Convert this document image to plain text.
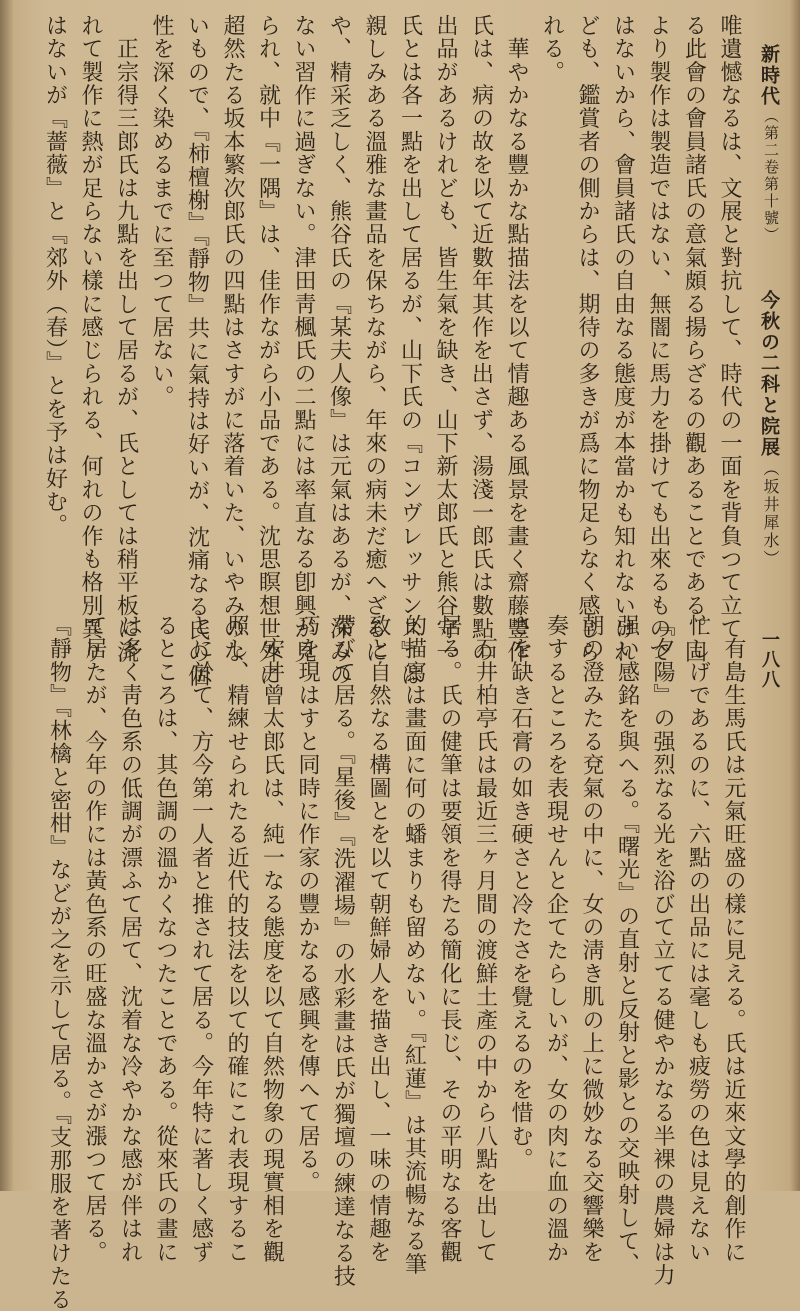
新時代
（第二卷第十號）
今秋の二科と院展
（坂井犀水）
一八八
唯遺憾なるは、文展と對抗して、時代の一面を背負つて立て
る此會の會員諸氏の意氣頗る揚らざるの觀あることである。固
より製作は製造ではない、無闇に馬力を掛けても出來るもので
はないから、會員諸氏の自由なる態度が本當かも知れないけれ
ども、鑑賞者の側からは、期待の多きが爲に物足らなく感じら
れる。
　華やかなる豐かな點描法を以て情趣ある風景を畫く齋藤豐作
氏は、病の故を以て近數年其作を出さず、湯淺一郎氏は數點の
出品があるけれども、皆生氣を缺き、山下新太郎氏と熊谷守一
氏とは各一點を出して居るが、山下氏の『コンヴレッサンス』は
親しみある溫雅な畫品を保ちながら、年來の病未だ癒へざるに
や、精采乏しく、熊谷氏の『某夫人像』は元氣はあるが、深みの
ない習作に過ぎない。津田靑楓氏の二點には率直なる卽興が見
られ、就中『一隅』は、佳作ながら小品である。沈思瞑想世外に
超然たる坂本繁次郎氏の四點はさすがに落着いた、いやみのな
いもので、『柿檀榭』『靜物』共に氣持は好いが、沈痛なる氏の個
性を深く染めるまでに至つて居ない。
　正宗得三郎氏は九點を出して居るが、氏としては稍平板に流
れて製作に熱が足らない樣に感じられる、何れの作も格別異り
はないが『薔薇』と『郊外（春）』とを予は好む。
　有島生馬氏は元氣旺盛の樣に見える。氏は近來文學的創作に
忙しげであるのに、六點の出品には毫しも疲勞の色は見えない
『夕陽』の强烈なる光を浴びて立てる健やかなる半裸の農婦は力
强い感銘を與へる。『曙光』の直射と反射と影との交映射して、
朝の澄みたる兗氣の中に、女の淸き肌の上に微妙なる交響樂を
奏するところを表現せんと企てたらしいが、女の肉に血の溫か
さを缺き石膏の如き硬さと冷たさを覺えるのを惜む。
　石井柏亭氏は最近三ヶ月間の渡鮮土產の中から八點を出して
居る。氏の健筆は要領を得たる簡化に長じ、その平明なる客觀
的描寫は畫面に何の蟠まりも留めない。『紅蓮』は其流暢なる筆
致と自然なる構圖とを以て朝鮮婦人を描き出し、一味の情趣を
帶びて居る。『星後』『洗濯場』の水彩畫は氏が獨壇の練達なる技
巧を現はすと同時に作家の豐かなる感興を傳へて居る。
　安井曾太郎氏は、純一なる態度を以て自然物象の現實相を觀
照し、精練せられたる近代的技法を以て的確にこれ表現するこ
とに於て、方今第一人者と推されて居る。今年特に著しく感ず
るところは、其色調の溫かくなつたことである。從來氏の畫に
は多く靑色系の低調が漂ふて居て、沈着な冷やかな感が伴はれ
て居たが、今年の作には黃色系の旺盛な溫かさが漲つて居る。
『靜物』『林檎と密柑』などが之を示して居る。『支那服を著けたる
